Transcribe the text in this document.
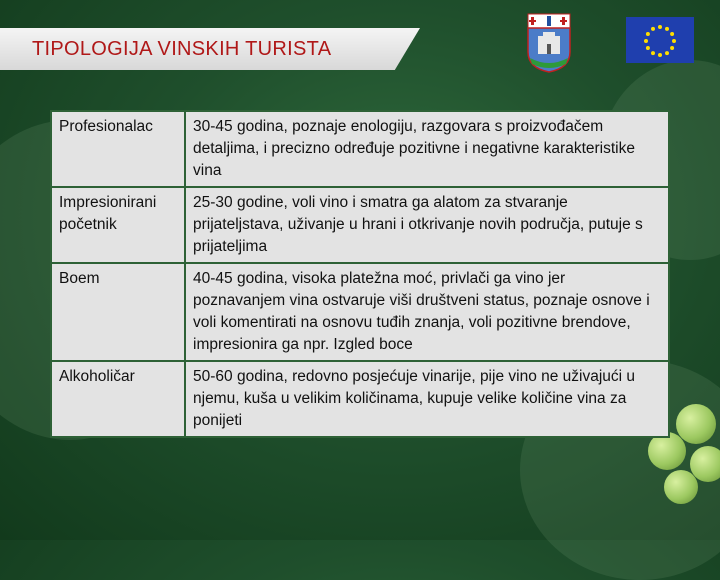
TIPOLOGIJA VINSKIH TURISTA
Profesionalac	30-45 godina, poznaje enologiju, razgovara s proizvođačem detaljima, i precizno određuje pozitivne i negativne karakteristike vina
Impresionirani početnik	25-30 godine, voli vino i smatra ga alatom za stvaranje prijateljstava, uživanje u hrani i otkrivanje novih područja, putuje s prijateljima
Boem	40-45 godina, visoka platežna moć, privlači ga vino jer poznavanjem vina ostvaruje viši društveni status, poznaje osnove i voli komentirati na osnovu tuđih znanja, voli pozitivne brendove, impresionira ga npr. Izgled boce
Alkoholičar	50-60 godina, redovno posjećuje vinarije, pije vino ne uživajući u njemu, kuša u velikim količinama, kupuje velike količine vina za ponijeti
